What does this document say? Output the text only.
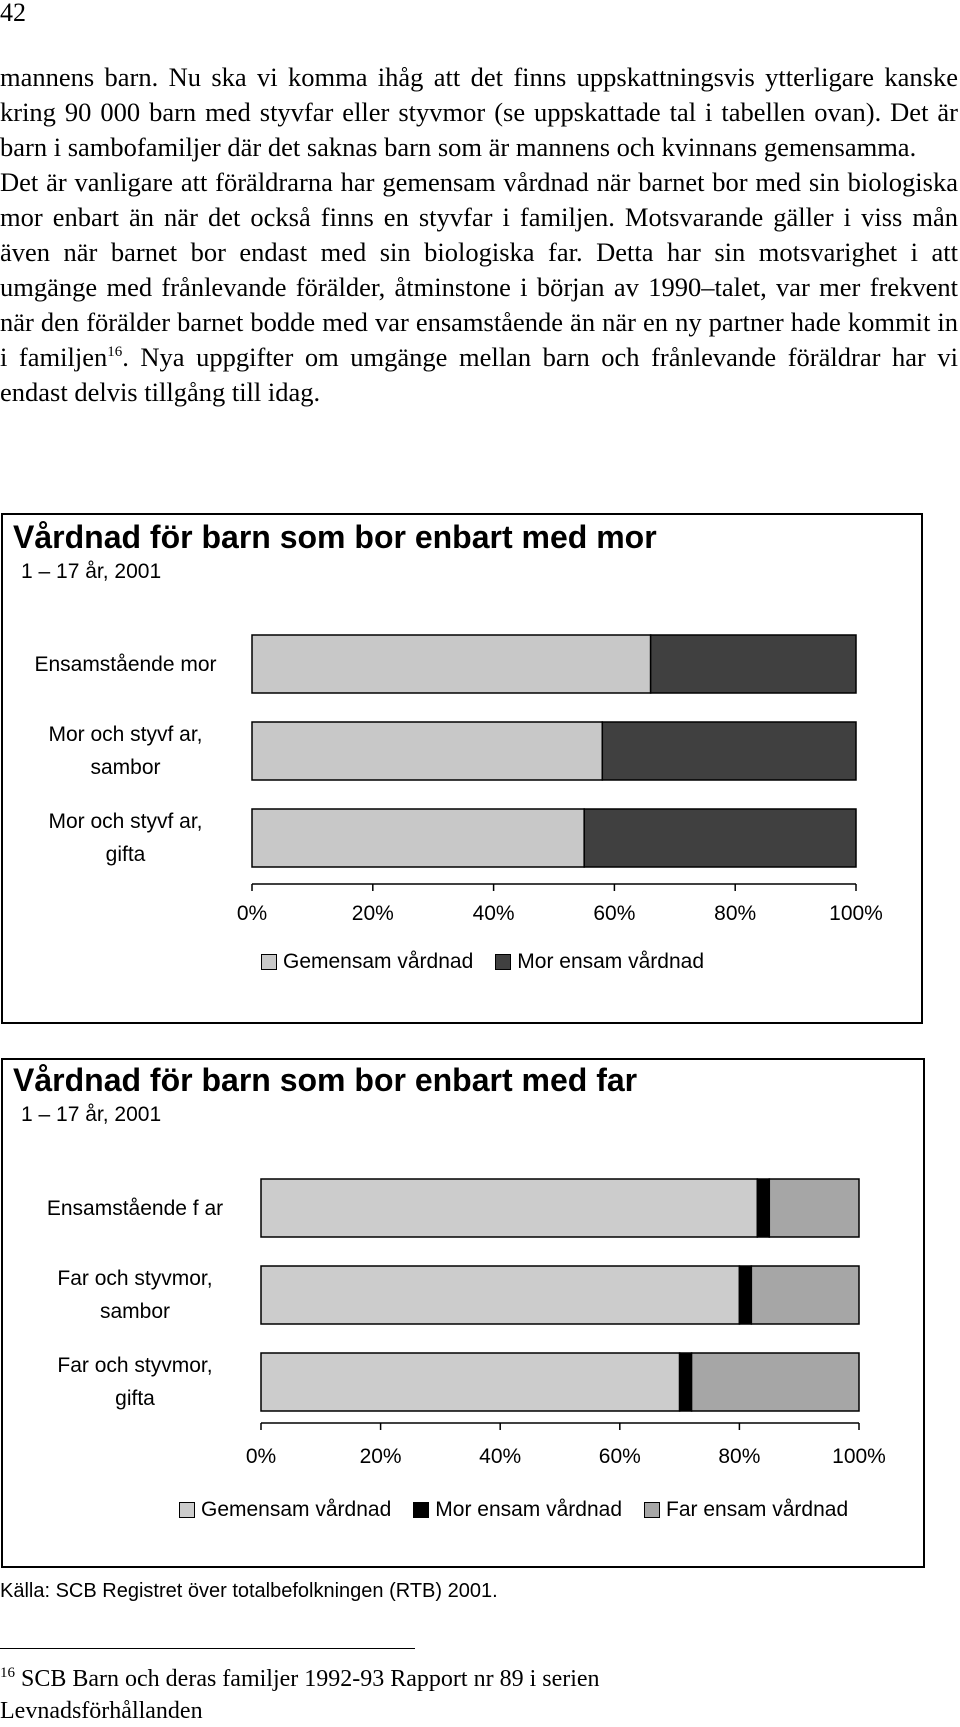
42

mannens barn. Nu ska vi komma ihåg att det finns uppskattningsvis ytterligare kanske kring 90 000 barn med styvfar eller styvmor (se uppskattade tal i tabellen ovan). Det är barn i sambofamiljer där det saknas barn som är mannens och kvinnans gemensamma.

Det är vanligare att föräldrarna har gemensam vårdnad när barnet bor med sin biologiska mor enbart än när det också finns en styvfar i familjen. Motsvarande gäller i viss mån även när barnet bor endast med sin biologiska far. Detta har sin motsvarighet i att umgänge med frånlevande förälder, åtminstone i början av 1990–talet, var mer frekvent när den förälder barnet bodde med var ensamstående än när en ny partner hade kommit in i familjen$^{16}$. Nya uppgifter om umgänge mellan barn och frånlevande föräldrar har vi endast delvis tillgång till idag.

Vårdnad för barn som bor enbart med mor
1 – 17 år, 2001
Ensamstående mor
Mor och styvf ar,
sambor
Mor och styvf ar,
gifta
0%	20%	40%	60%	80%	100%
Gemensam vårdnad Mor ensam vårdnad
Vårdnad för barn som bor enbart med far
1 – 17 år, 2001
Ensamstående f ar
Far och styvmor,
sambor
Far och styvmor,
gifta
0%	20%	40%	60%	80%	100%
Gemensam vårdnad Mor ensam vårdnad Far ensam vårdnad
Källa: SCB Registret över totalbefolkningen (RTB) 2001.
$^{16}$ SCB Barn och deras familjer 1992-93 Rapport nr 89 i serien
Levnadsförhållanden
